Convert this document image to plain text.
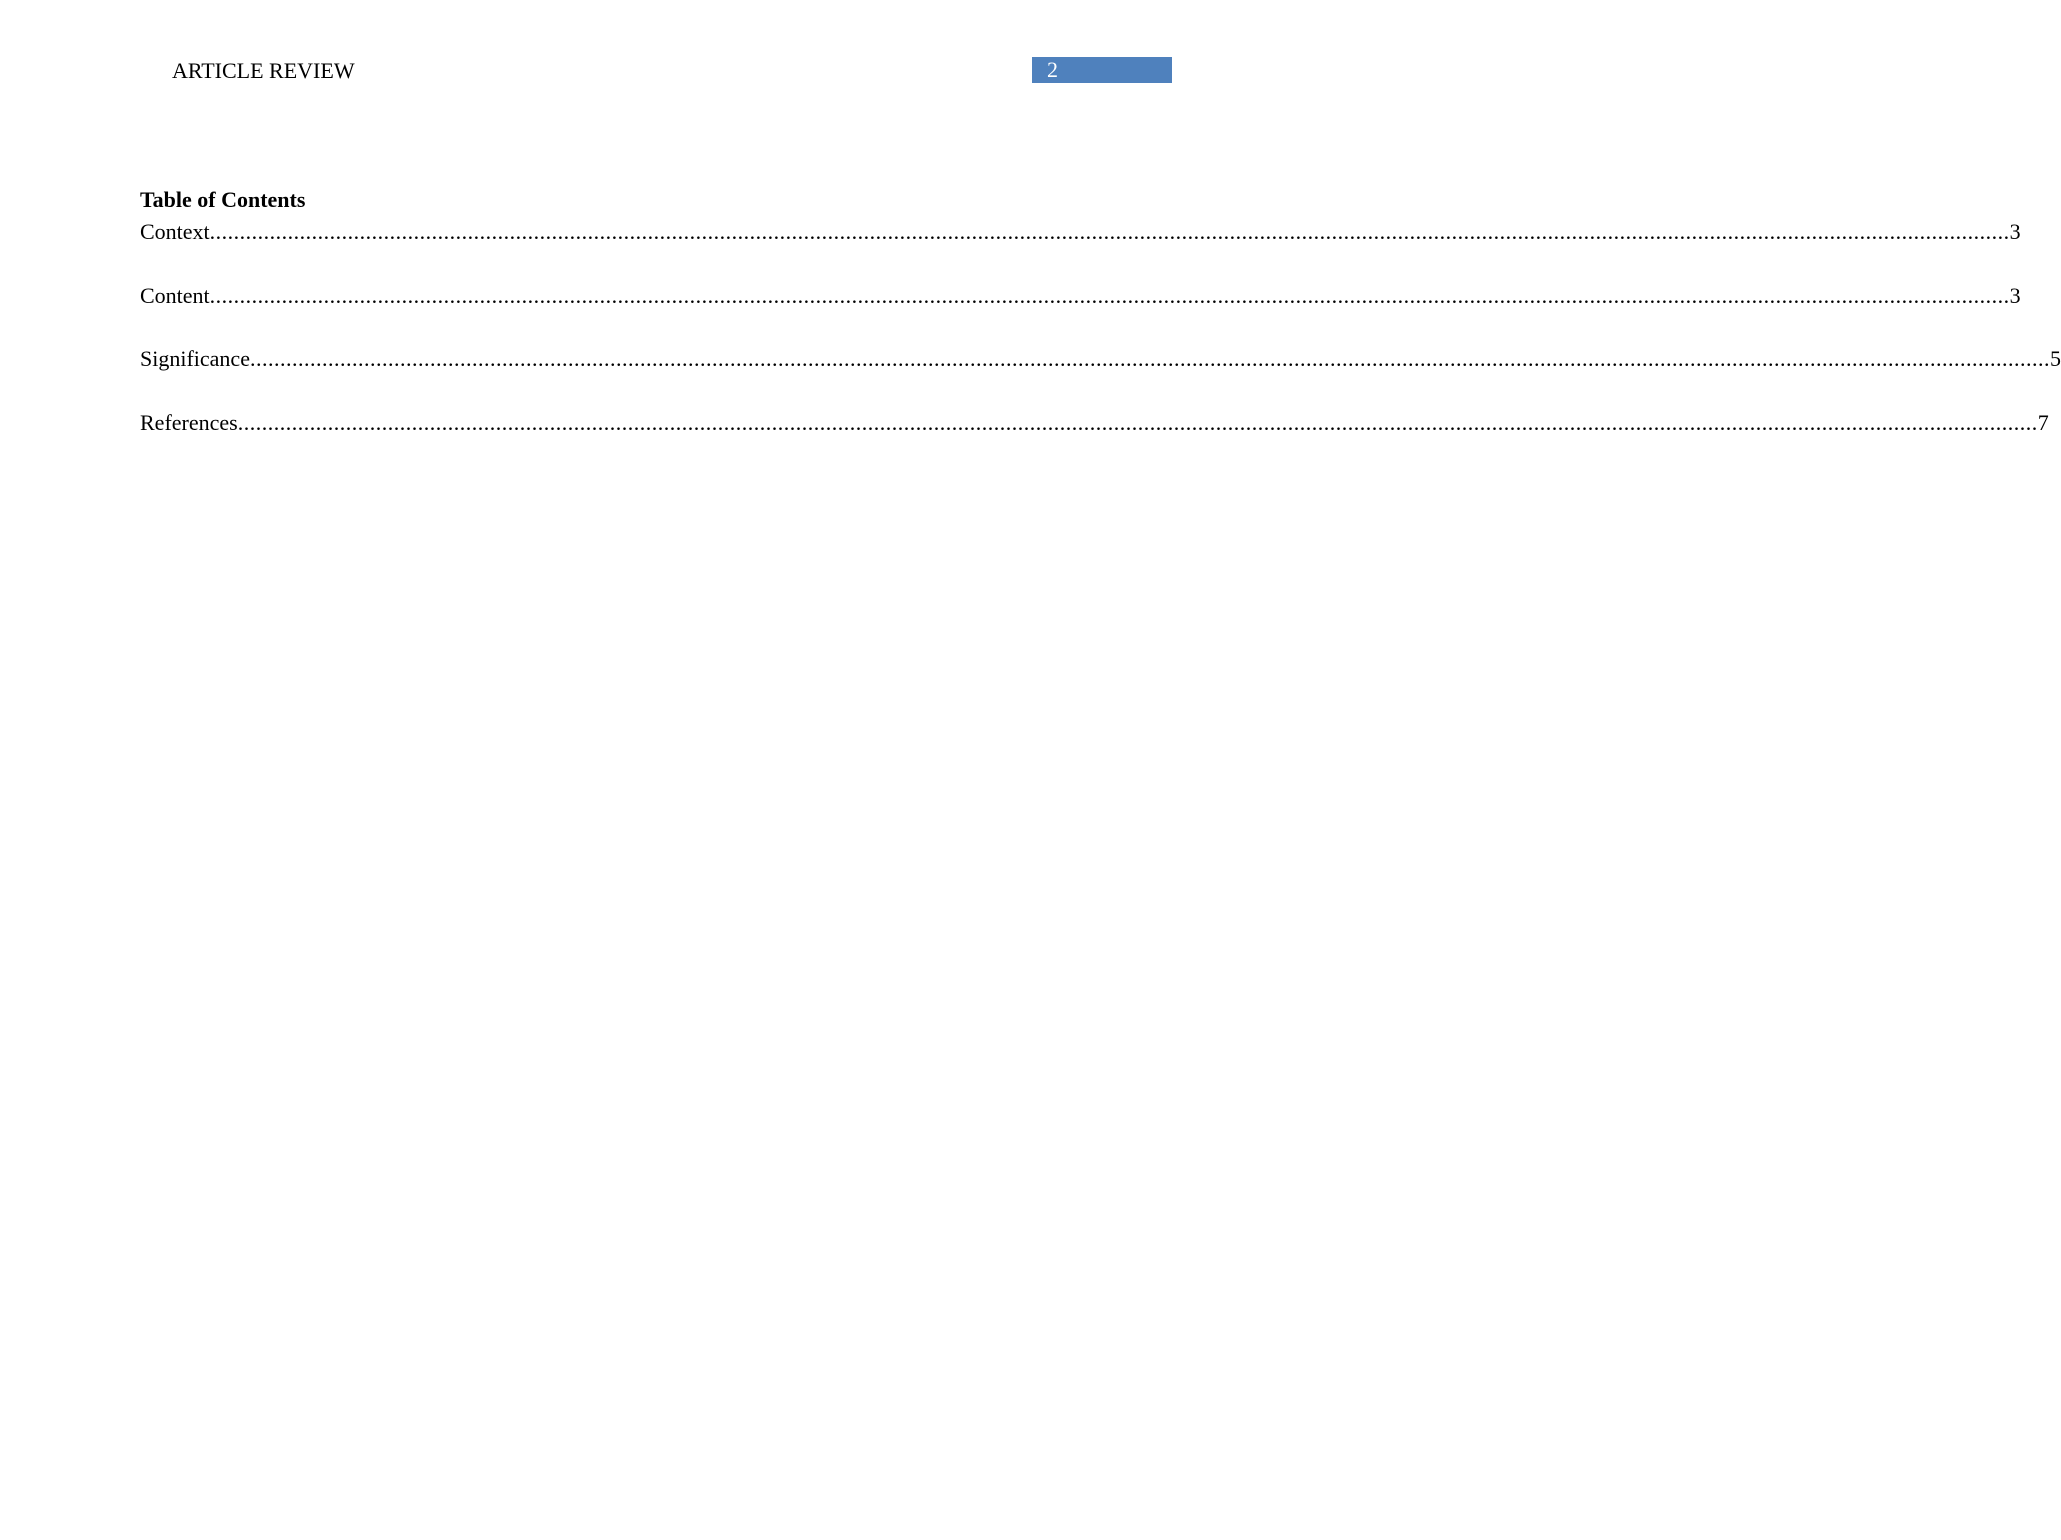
ARTICLE REVIEW	2
Table of Contents
Context ............................................................................................................................................................................................................................................................................................................ 3
Content ............................................................................................................................................................................................................................................................................................................ 3
Significance ............................................................................................................................................................................................................................................................................................................ 5
References ............................................................................................................................................................................................................................................................................................................ 7
